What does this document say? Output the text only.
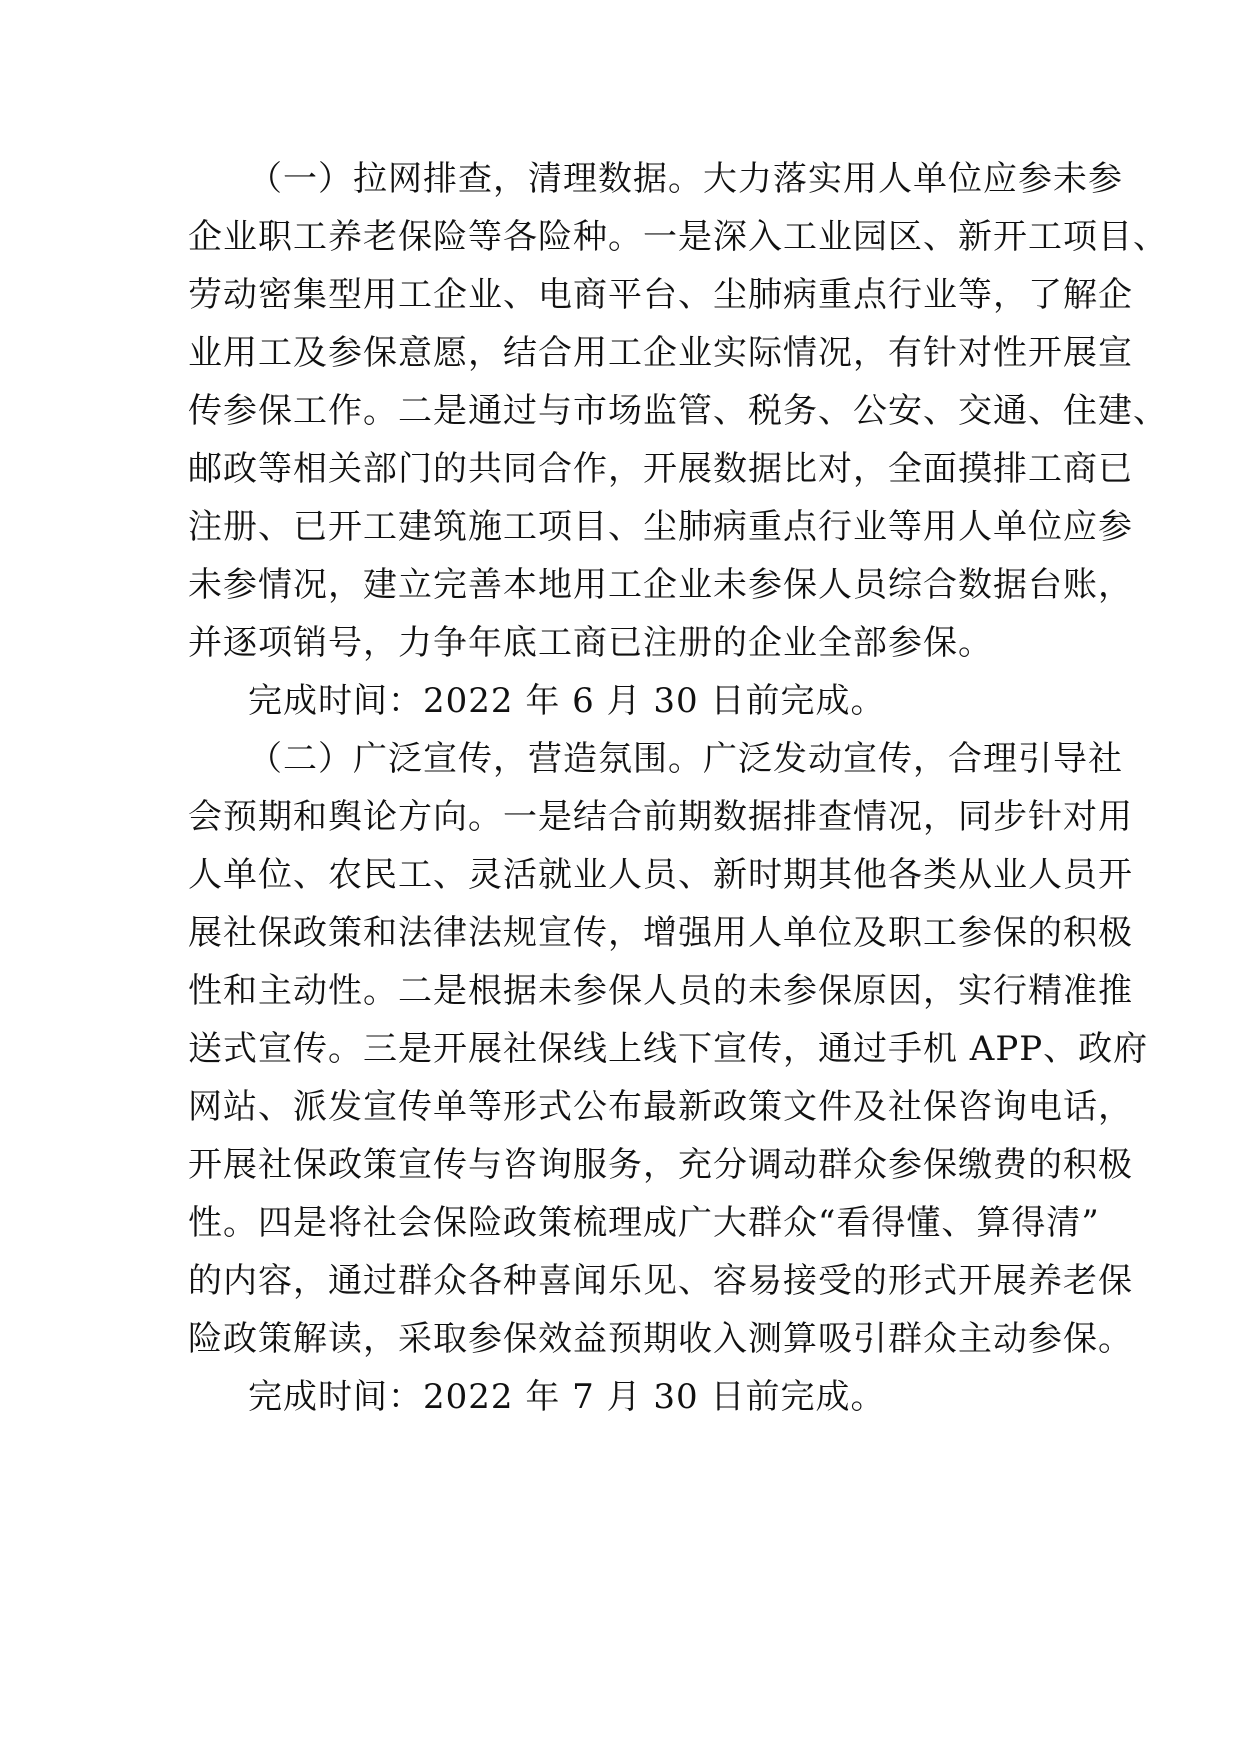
（一）拉网排查，清理数据。大力落实用人单位应参未参
企业职工养老保险等各险种。一是深入工业园区、新开工项目、
劳动密集型用工企业、电商平台、尘肺病重点行业等，了解企
业用工及参保意愿，结合用工企业实际情况，有针对性开展宣
传参保工作。二是通过与市场监管、税务、公安、交通、住建、
邮政等相关部门的共同合作，开展数据比对，全面摸排工商已
注册、已开工建筑施工项目、尘肺病重点行业等用人单位应参
未参情况，建立完善本地用工企业未参保人员综合数据台账，
并逐项销号，力争年底工商已注册的企业全部参保。
完成时间：2022 年 6 月 30 日前完成。
（二）广泛宣传，营造氛围。广泛发动宣传，合理引导社
会预期和舆论方向。一是结合前期数据排查情况，同步针对用
人单位、农民工、灵活就业人员、新时期其他各类从业人员开
展社保政策和法律法规宣传，增强用人单位及职工参保的积极
性和主动性。二是根据未参保人员的未参保原因，实行精准推
送式宣传。三是开展社保线上线下宣传，通过手机 APP、政府
网站、派发宣传单等形式公布最新政策文件及社保咨询电话，
开展社保政策宣传与咨询服务，充分调动群众参保缴费的积极
性。四是将社会保险政策梳理成广大群众“看得懂、算得清”
的内容，通过群众各种喜闻乐见、容易接受的形式开展养老保
险政策解读，采取参保效益预期收入测算吸引群众主动参保。
完成时间：2022 年 7 月 30 日前完成。
